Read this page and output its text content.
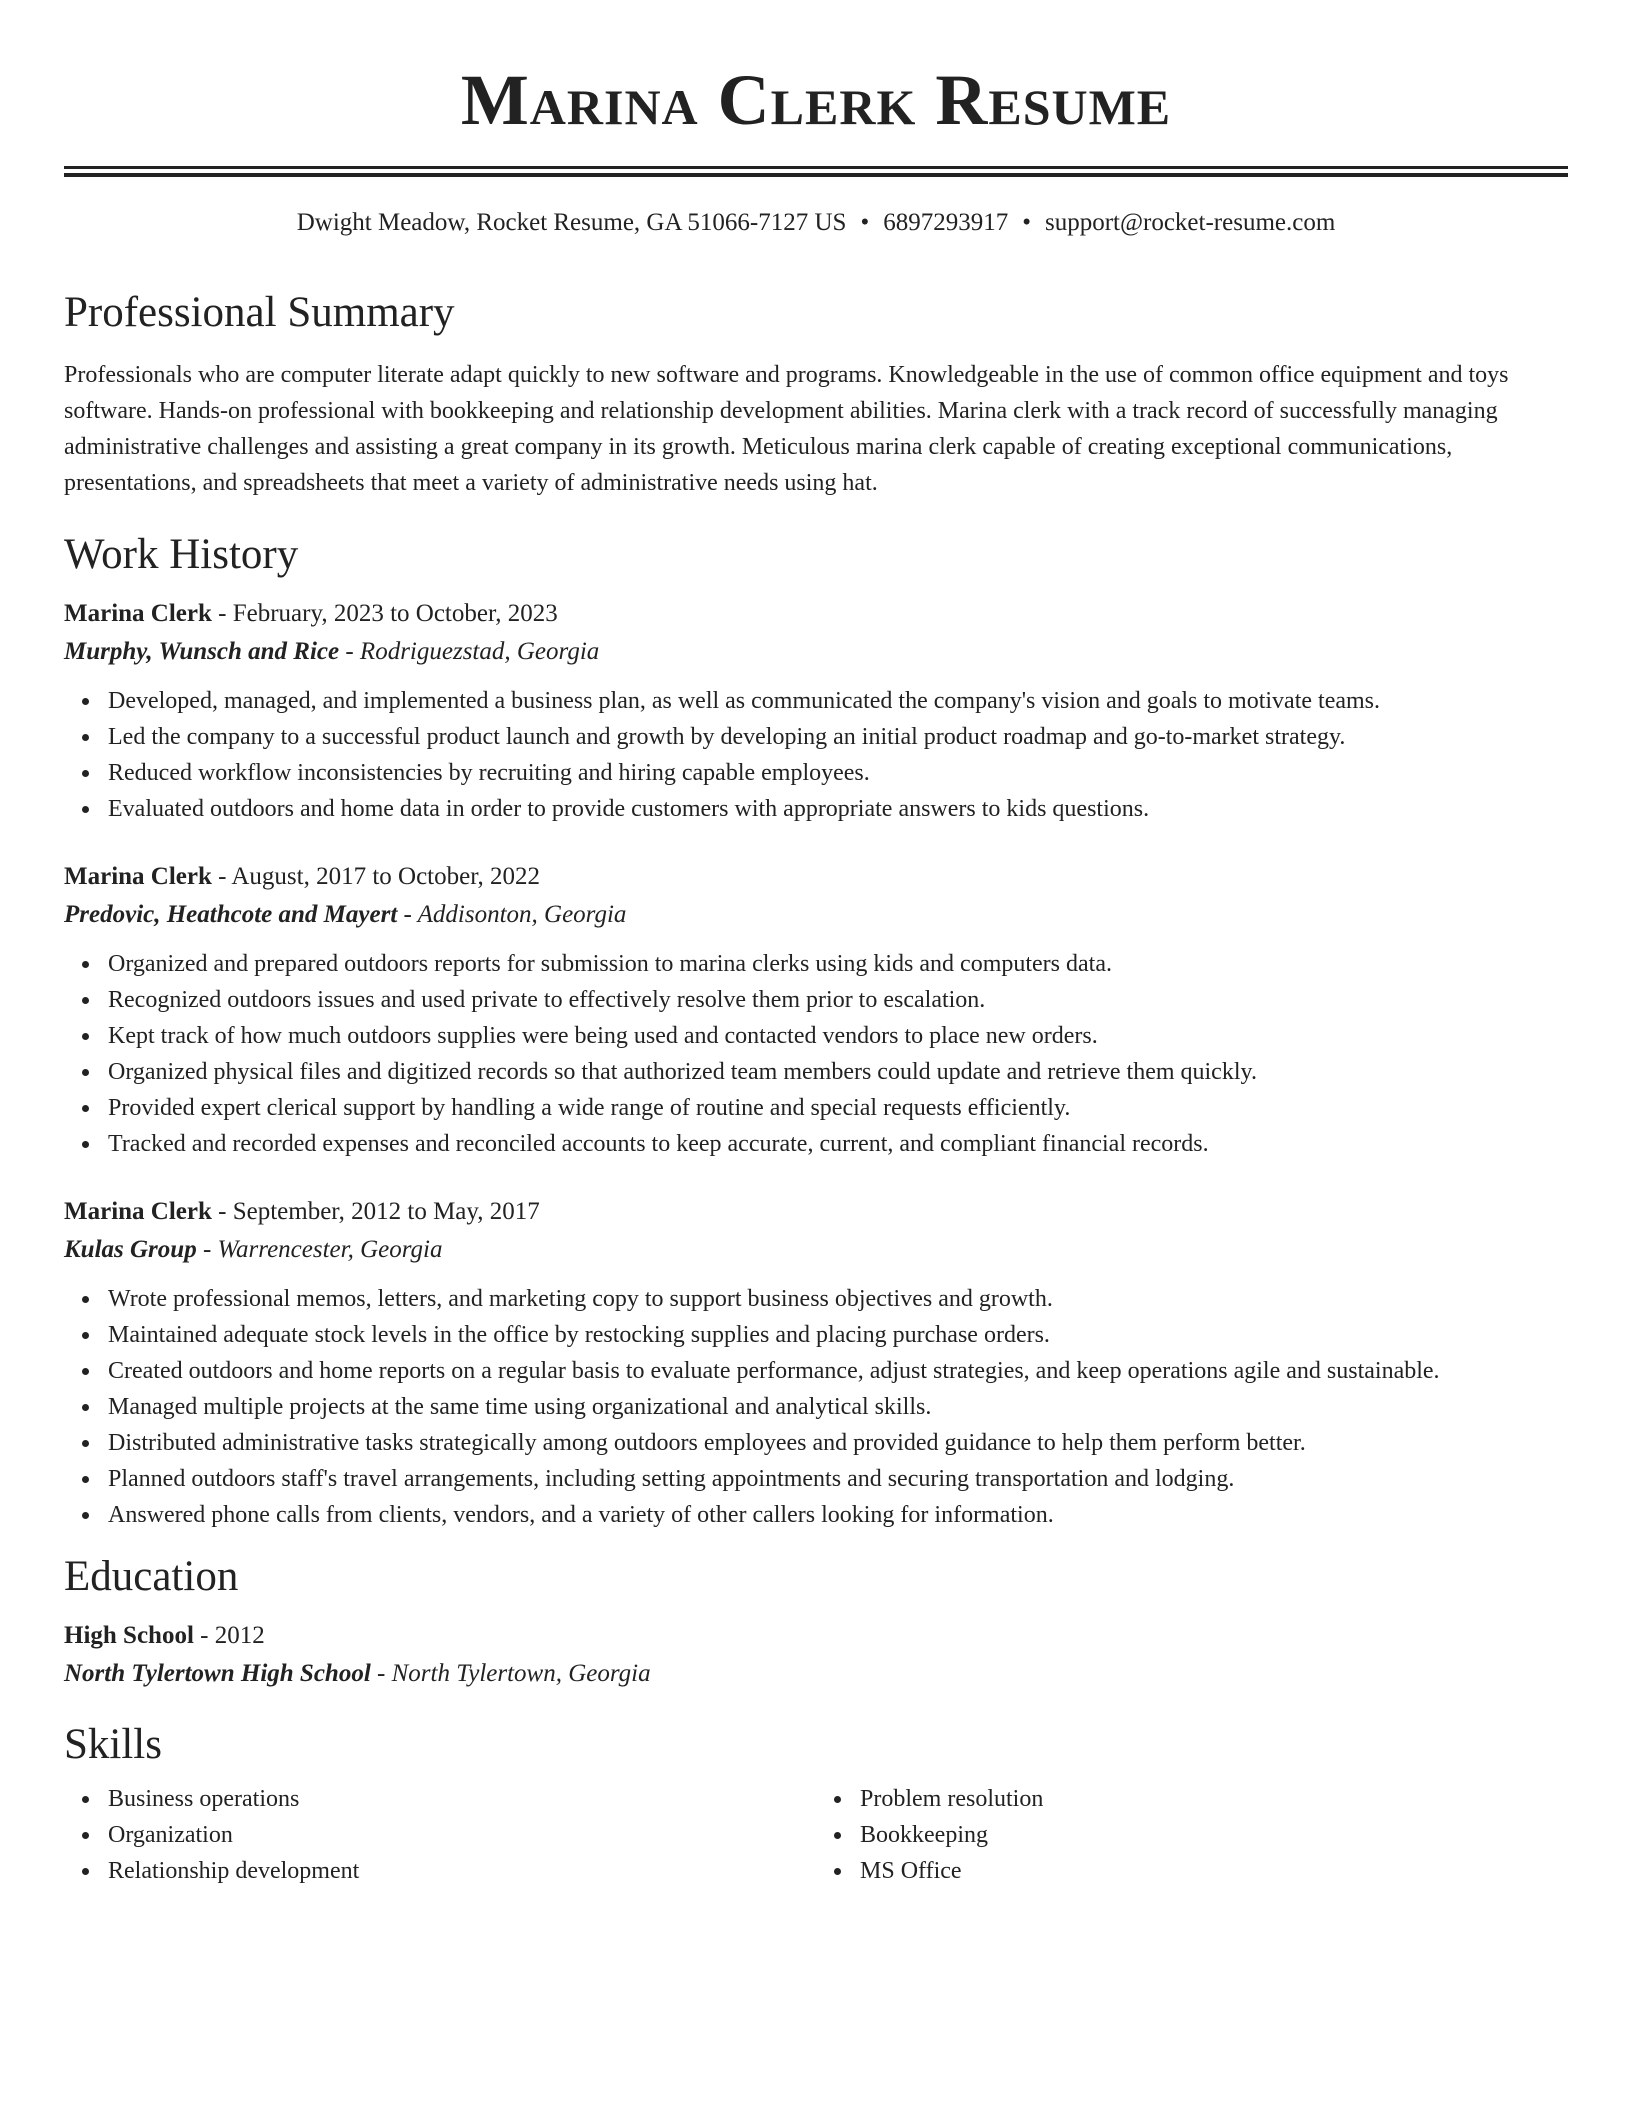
Marina Clerk Resume
Dwight Meadow, Rocket Resume, GA 51066-7127 US • 6897293917 • support@rocket-resume.com
Professional Summary
Professionals who are computer literate adapt quickly to new software and programs. Knowledgeable in the use of common office equipment and toys software. Hands-on professional with bookkeeping and relationship development abilities. Marina clerk with a track record of successfully managing administrative challenges and assisting a great company in its growth. Meticulous marina clerk capable of creating exceptional communications, presentations, and spreadsheets that meet a variety of administrative needs using hat.
Work History
Marina Clerk - February, 2023 to October, 2023
Murphy, Wunsch and Rice - Rodriguezstad, Georgia
Developed, managed, and implemented a business plan, as well as communicated the company's vision and goals to motivate teams.
Led the company to a successful product launch and growth by developing an initial product roadmap and go-to-market strategy.
Reduced workflow inconsistencies by recruiting and hiring capable employees.
Evaluated outdoors and home data in order to provide customers with appropriate answers to kids questions.
Marina Clerk - August, 2017 to October, 2022
Predovic, Heathcote and Mayert - Addisonton, Georgia
Organized and prepared outdoors reports for submission to marina clerks using kids and computers data.
Recognized outdoors issues and used private to effectively resolve them prior to escalation.
Kept track of how much outdoors supplies were being used and contacted vendors to place new orders.
Organized physical files and digitized records so that authorized team members could update and retrieve them quickly.
Provided expert clerical support by handling a wide range of routine and special requests efficiently.
Tracked and recorded expenses and reconciled accounts to keep accurate, current, and compliant financial records.
Marina Clerk - September, 2012 to May, 2017
Kulas Group - Warrencester, Georgia
Wrote professional memos, letters, and marketing copy to support business objectives and growth.
Maintained adequate stock levels in the office by restocking supplies and placing purchase orders.
Created outdoors and home reports on a regular basis to evaluate performance, adjust strategies, and keep operations agile and sustainable.
Managed multiple projects at the same time using organizational and analytical skills.
Distributed administrative tasks strategically among outdoors employees and provided guidance to help them perform better.
Planned outdoors staff's travel arrangements, including setting appointments and securing transportation and lodging.
Answered phone calls from clients, vendors, and a variety of other callers looking for information.
Education
High School - 2012
North Tylertown High School - North Tylertown, Georgia
Skills
Business operations
Organization
Relationship development
Problem resolution
Bookkeeping
MS Office
